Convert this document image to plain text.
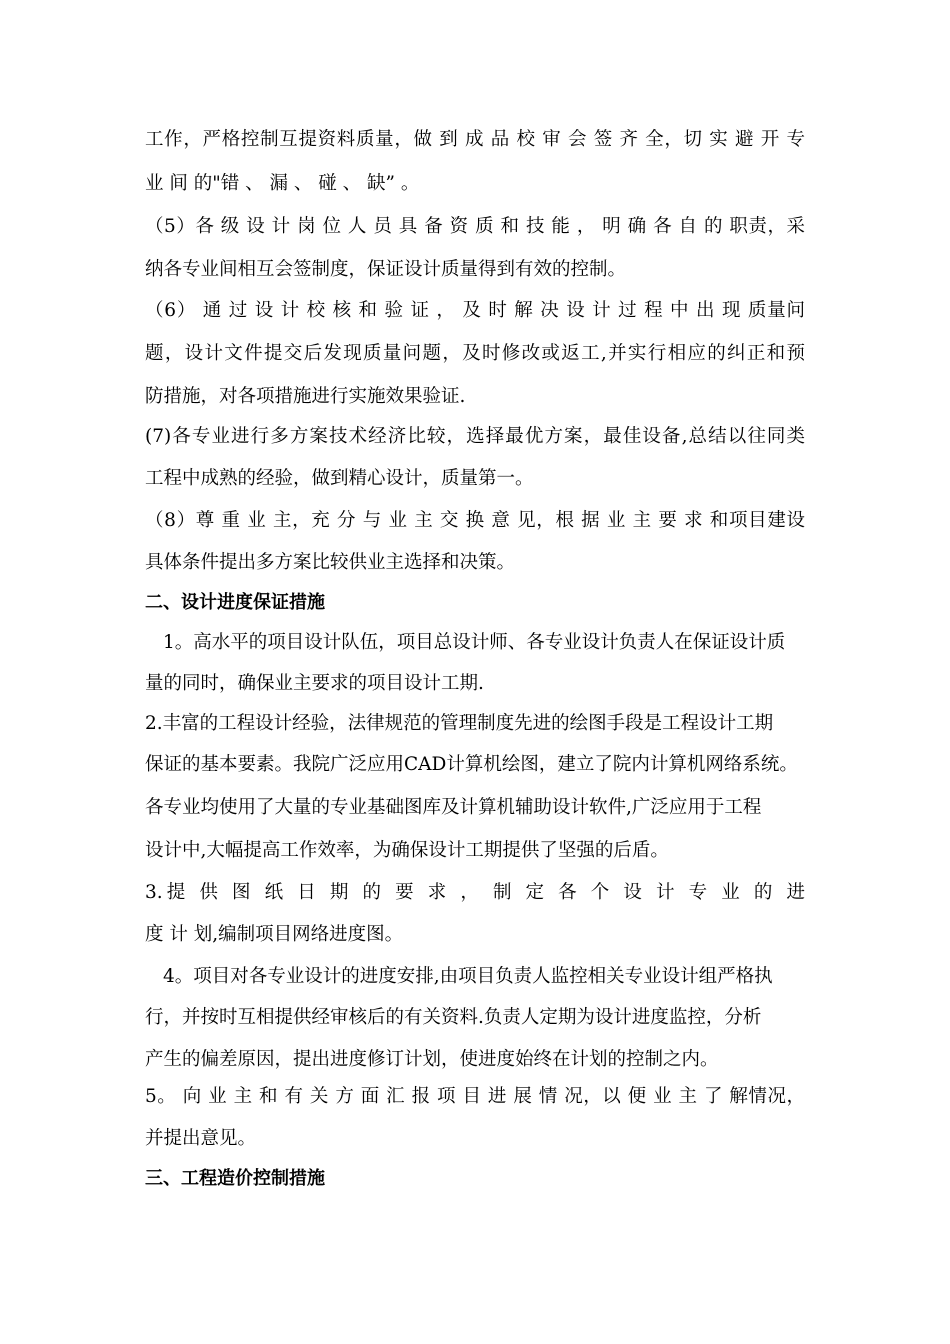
工作，严格控制互提资料质量，做 到 成 品 校 审 会 签 齐 全，切 实 避 开 专
业 间 的"错 、 漏 、 碰 、 缺” 。
（5）各 级 设 计 岗 位 人 员 具 备 资 质 和 技 能 ， 明 确 各 自 的 职责，采
纳各专业间相互会签制度，保证设计质量得到有效的控制。
（6） 通 过 设 计 校 核 和 验 证 ， 及 时 解 决 设 计 过 程 中 出 现 质量问
题，设计文件提交后发现质量问题，及时修改或返工,并实行相应的纠正和预
防措施，对各项措施进行实施效果验证.
(7)各专业进行多方案技术经济比较，选择最优方案，最佳设备,总结以往同类
工程中成熟的经验，做到精心设计，质量第一。
（8）尊 重 业 主，充 分 与 业 主 交 换 意 见，根 据 业 主 要 求 和项目建设
具体条件提出多方案比较供业主选择和决策。
二、设计进度保证措施
1。高水平的项目设计队伍，项目总设计师、各专业设计负责人在保证设计质
量的同时，确保业主要求的项目设计工期.
2.丰富的工程设计经验，法律规范的管理制度先进的绘图手段是工程设计工期
保证的基本要素。我院广泛应用CAD计算机绘图，建立了院内计算机网络系统。
各专业均使用了大量的专业基础图库及计算机辅助设计软件,广泛应用于工程
设计中,大幅提高工作效率，为确保设计工期提供了坚强的后盾。
3.提 供 图 纸 日 期 的 要 求 ， 制 定 各 个 设 计 专 业 的 进
度 计 划,编制项目网络进度图。
4。项目对各专业设计的进度安排,由项目负责人监控相关专业设计组严格执
行，并按时互相提供经审核后的有关资料.负责人定期为设计进度监控，分析
产生的偏差原因，提出进度修订计划，使进度始终在计划的控制之内。
5。 向 业 主 和 有 关 方 面 汇 报 项 目 进 展 情 况，以 便 业 主 了 解情况，
并提出意见。
三、工程造价控制措施
